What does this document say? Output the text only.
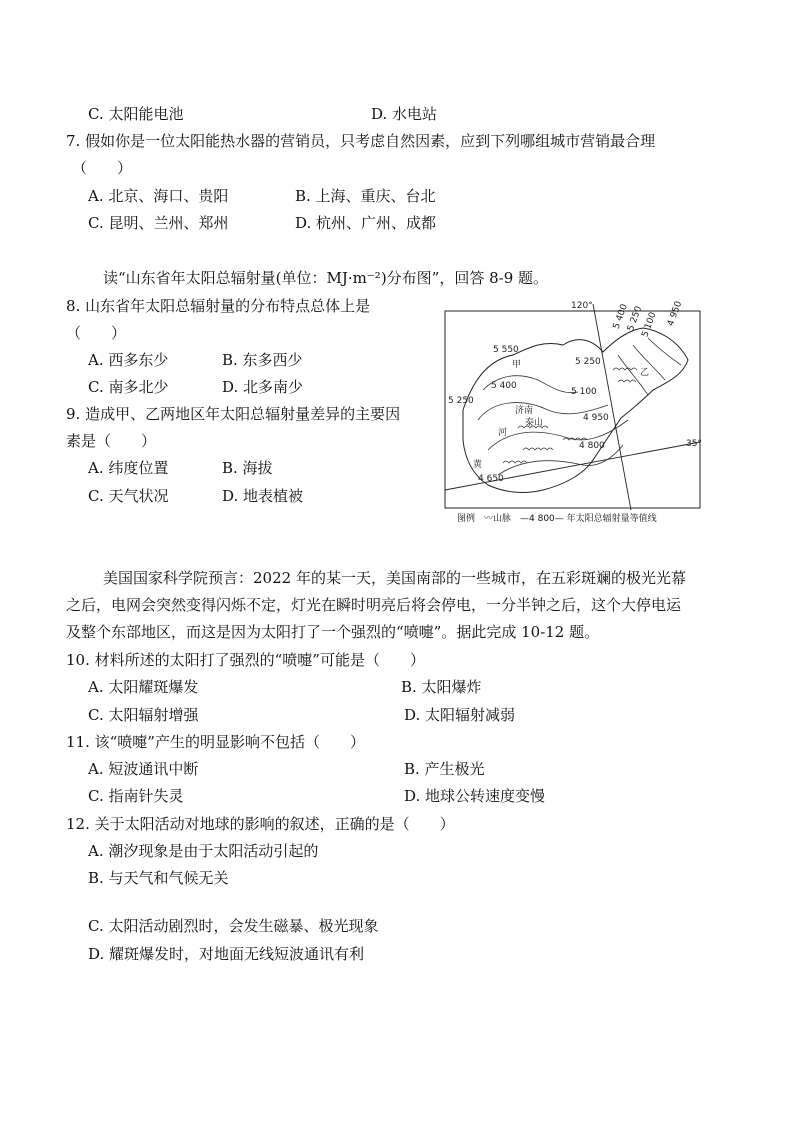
C. 太阳能电池	D. 水电站
7. 假如你是一位太阳能热水器的营销员，只考虑自然因素，应到下列哪组城市营销最合理
（　　）
A. 北京、海口、贵阳	B. 上海、重庆、台北
C. 昆明、兰州、郑州	D. 杭州、广州、成都
读“山东省年太阳总辐射量(单位：MJ·m⁻²)分布图”，回答 8-9 题。
8. 山东省年太阳总辐射量的分布特点总体上是
（　　）
A. 西多东少	B. 东多西少
C. 南多北少	D. 北多南少
9. 造成甲、乙两地区年太阳总辐射量差异的主要因
素是（　　）
A. 纬度位置	B. 海拔
C. 天气状况	D. 地表植被
120°
35°
5 550
5 400
5 250
5 250
5 100
4 950
4 800
4 650
5 400
5 250
5 100 4 950
甲
乙
济南
泰山
河
黄
图例　〰山脉　—4 800— 年太阳总辐射量等值线
美国国家科学院预言：2022 年的某一天，美国南部的一些城市，在五彩斑斓的极光光幕
之后，电网会突然变得闪烁不定，灯光在瞬时明亮后将会停电，一分半钟之后，这个大停电运
及整个东部地区，而这是因为太阳打了一个强烈的“喷嚏”。据此完成 10-12 题。
10. 材料所述的太阳打了强烈的“喷嚏”可能是（　　）
A. 太阳耀斑爆发	B. 太阳爆炸
C. 太阳辐射增强	D. 太阳辐射减弱
11. 该“喷嚏”产生的明显影响不包括（　　）
A. 短波通讯中断	B. 产生极光
C. 指南针失灵	D. 地球公转速度变慢
12. 关于太阳活动对地球的影响的叙述，正确的是（　　）
A. 潮汐现象是由于太阳活动引起的
B. 与天气和气候无关
C. 太阳活动剧烈时，会发生磁暴、极光现象
D. 耀斑爆发时，对地面无线短波通讯有利
